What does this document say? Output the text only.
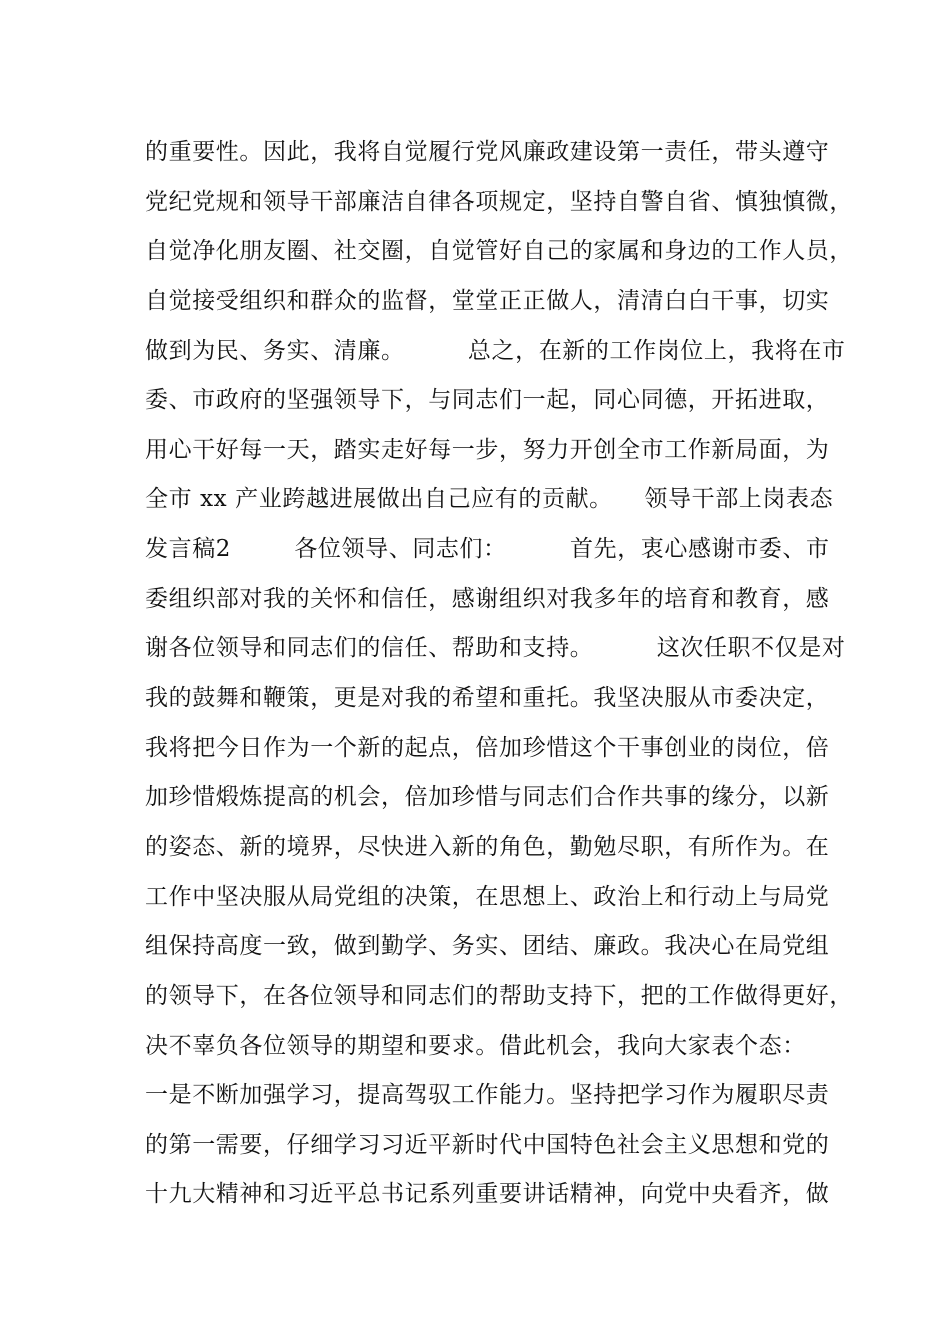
的重要性。因此，我将自觉履行党风廉政建设第一责任，带头遵守
党纪党规和领导干部廉洁自律各项规定，坚持自警自省、慎独慎微，
自觉净化朋友圈、社交圈，自觉管好自己的家属和身边的工作人员，
自觉接受组织和群众的监督，堂堂正正做人，清清白白干事，切实
做到为民、务实、清廉。        总之，在新的工作岗位上，我将在市
委、市政府的坚强领导下，与同志们一起，同心同德，开拓进取，
用心干好每一天，踏实走好每一步，努力开创全市工作新局面，为
全市 xx 产业跨越进展做出自己应有的贡献。    领导干部上岗表态
发言稿2        各位领导、同志们：        首先，衷心感谢市委、市
委组织部对我的关怀和信任，感谢组织对我多年的培育和教育，感
谢各位领导和同志们的信任、帮助和支持。        这次任职不仅是对
我的鼓舞和鞭策，更是对我的希望和重托。我坚决服从市委决定，
我将把今日作为一个新的起点，倍加珍惜这个干事创业的岗位，倍
加珍惜煅炼提高的机会，倍加珍惜与同志们合作共事的缘分，以新
的姿态、新的境界，尽快进入新的角色，勤勉尽职，有所作为。在
工作中坚决服从局党组的决策，在思想上、政治上和行动上与局党
组保持高度一致，做到勤学、务实、团结、廉政。我决心在局党组
的领导下，在各位领导和同志们的帮助支持下，把的工作做得更好，
决不辜负各位领导的期望和要求。借此机会，我向大家表个态：
一是不断加强学习，提高驾驭工作能力。坚持把学习作为履职尽责
的第一需要，仔细学习习近平新时代中国特色社会主义思想和党的
十九大精神和习近平总书记系列重要讲话精神，向党中央看齐，做
